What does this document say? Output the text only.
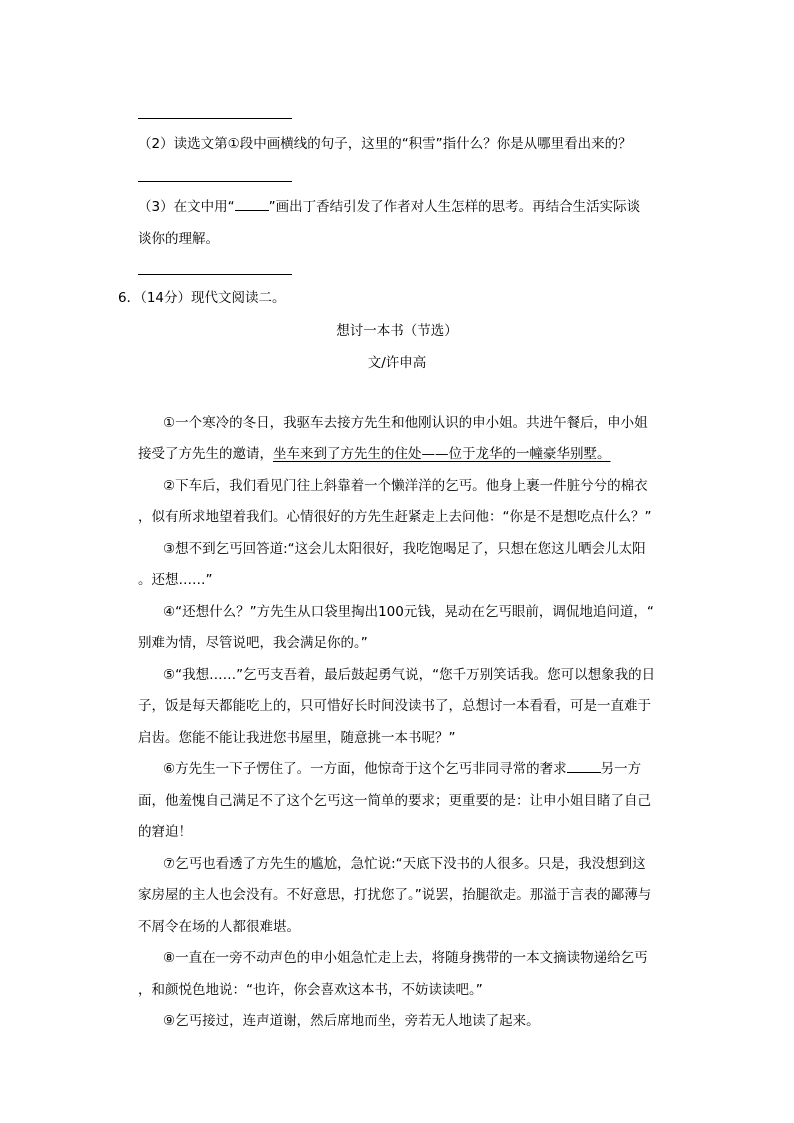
（2）读选文第①段中画横线的句子，这里的“积雪”指什么？你是从哪里看出来的？
（3）在文中用“	”画出丁香结引发了作者对人生怎样的思考。再结合生活实际谈
谈你的理解。
6．（14分）现代文阅读二。
想讨一本书（节选）
文/许申高
①一个寒冷的冬日，我驱车去接方先生和他刚认识的申小姐。共进午餐后，申小姐
接受了方先生的邀请，坐车来到了方先生的住处——位于龙华的一幢豪华别墅。
②下车后，我们看见门往上斜靠着一个懒洋洋的乞丐。他身上裹一件脏兮兮的棉衣
，似有所求地望着我们。心情很好的方先生赶紧走上去问他：“你是不是想吃点什么？”
③想不到乞丐回答道:“这会儿太阳很好，我吃饱喝足了，只想在您这儿晒会儿太阳
。还想……”
④“还想什么？”方先生从口袋里掏出100元钱，晃动在乞丐眼前，调侃地追问道，“
别难为情，尽管说吧，我会满足你的。”
⑤“我想……”乞丐支吾着，最后鼓起勇气说，“您千万别笑话我。您可以想象我的日
子，饭是每天都能吃上的，只可惜好长时间没读书了，总想讨一本看看，可是一直难于
启齿。您能不能让我进您书屋里，随意挑一本书呢？”
⑥方先生一下子愣住了。一方面，他惊奇于这个乞丐非同寻常的奢求	另一方
面，他羞愧自己满足不了这个乞丐这一简单的要求；更重要的是：让申小姐目睹了自己
的窘迫！
⑦乞丐也看透了方先生的尴尬，急忙说:“天底下没书的人很多。只是，我没想到这
家房屋的主人也会没有。不好意思，打扰您了。”说罢，抬腿欲走。那溢于言表的鄙薄与
不屑令在场的人都很难堪。
⑧一直在一旁不动声色的申小姐急忙走上去，将随身携带的一本文摘读物递给乞丐
，和颜悦色地说：“也许，你会喜欢这本书，不妨读读吧。”
⑨乞丐接过，连声道谢，然后席地而坐，旁若无人地读了起来。
